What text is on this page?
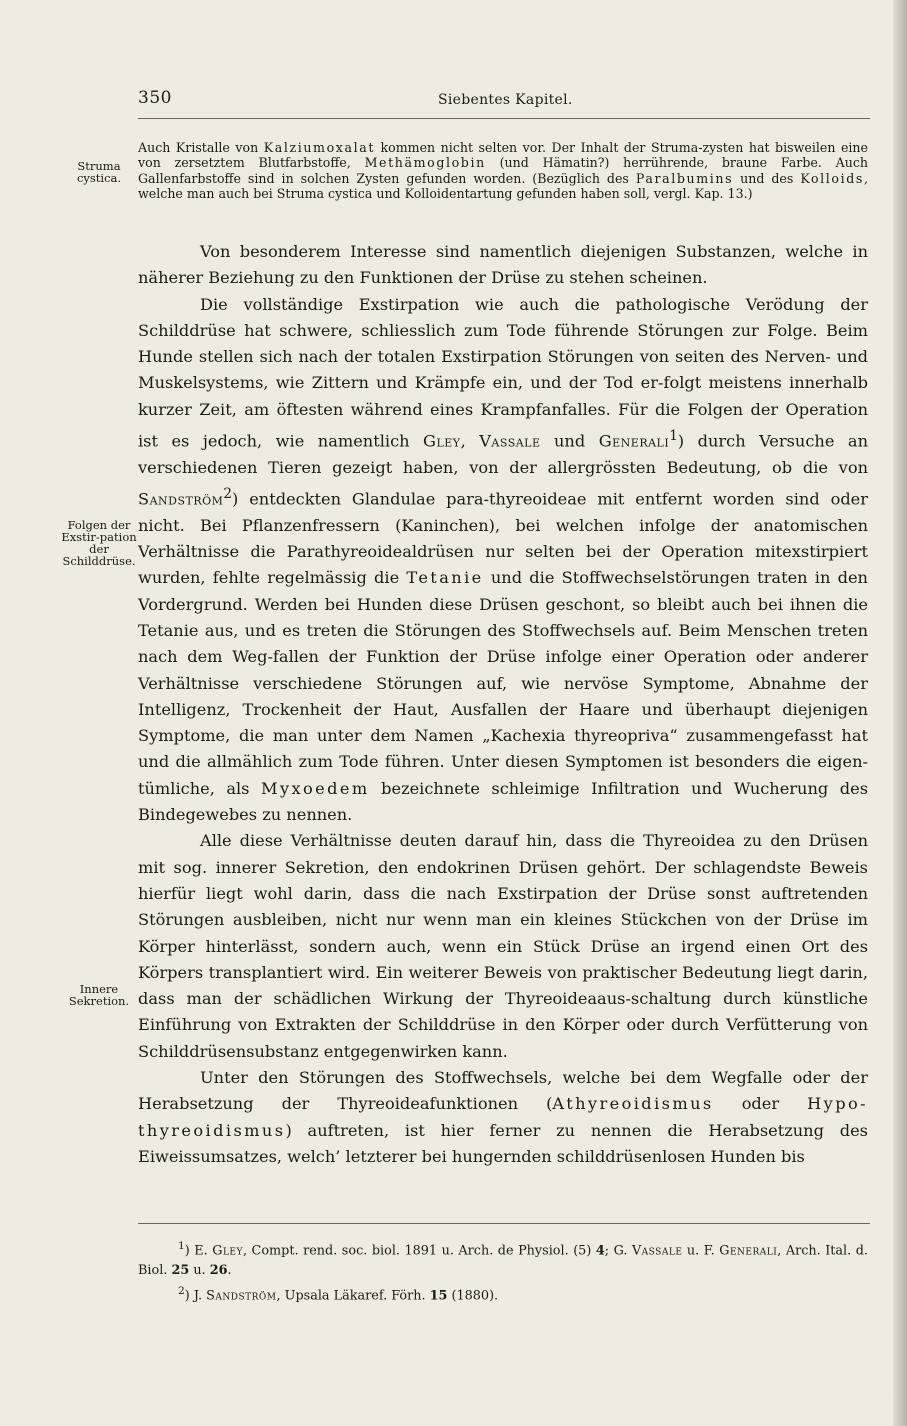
350	Siebentes Kapitel.
Struma cystica.
Folgen der Exstir-pation der Schilddrüse.
Innere Sekretion.

Auch Kristalle von Kalziumoxalat kommen nicht selten vor. Der Inhalt der Struma-zysten hat bisweilen eine von zersetztem Blutfarbstoffe, Methämoglobin (und Hämatin?) herrührende, braune Farbe. Auch Gallenfarbstoffe sind in solchen Zysten gefunden worden. (Bezüglich des Paralbumins und des Kolloids, welche man auch bei Struma cystica und Kolloidentartung gefunden haben soll, vergl. Kap. 13.)

Von besonderem Interesse sind namentlich diejenigen Substanzen, welche in näherer Beziehung zu den Funktionen der Drüse zu stehen scheinen.

Die vollständige Exstirpation wie auch die pathologische Verödung der Schilddrüse hat schwere, schliesslich zum Tode führende Störungen zur Folge. Beim Hunde stellen sich nach der totalen Exstirpation Störungen von seiten des Nerven- und Muskelsystems, wie Zittern und Krämpfe ein, und der Tod er-folgt meistens innerhalb kurzer Zeit, am öftesten während eines Krampfanfalles. Für die Folgen der Operation ist es jedoch, wie namentlich Gley, Vassale und Generali$^1$) durch Versuche an verschiedenen Tieren gezeigt haben, von der allergrössten Bedeutung, ob die von Sandström$^2$) entdeckten Glandulae para-thyreoideae mit entfernt worden sind oder nicht. Bei Pflanzenfressern (Kaninchen), bei welchen infolge der anatomischen Verhältnisse die Parathyreoidealdrüsen nur selten bei der Operation mitexstirpiert wurden, fehlte regelmässig die Tetanie und die Stoffwechselstörungen traten in den Vordergrund. Werden bei Hunden diese Drüsen geschont, so bleibt auch bei ihnen die Tetanie aus, und es treten die Störungen des Stoffwechsels auf. Beim Menschen treten nach dem Weg-fallen der Funktion der Drüse infolge einer Operation oder anderer Verhältnisse verschiedene Störungen auf, wie nervöse Symptome, Abnahme der Intelligenz, Trockenheit der Haut, Ausfallen der Haare und überhaupt diejenigen Symptome, die man unter dem Namen „Kachexia thyreopriva“ zusammengefasst hat und die allmählich zum Tode führen. Unter diesen Symptomen ist besonders die eigen-tümliche, als Myxoedem bezeichnete schleimige Infiltration und Wucherung des Bindegewebes zu nennen.

Alle diese Verhältnisse deuten darauf hin, dass die Thyreoidea zu den Drüsen mit sog. innerer Sekretion, den endokrinen Drüsen gehört. Der schlagendste Beweis hierfür liegt wohl darin, dass die nach Exstirpation der Drüse sonst auftretenden Störungen ausbleiben, nicht nur wenn man ein kleines Stückchen von der Drüse im Körper hinterlässt, sondern auch, wenn ein Stück Drüse an irgend einen Ort des Körpers transplantiert wird. Ein weiterer Beweis von praktischer Bedeutung liegt darin, dass man der schädlichen Wirkung der Thyreoideaaus-schaltung durch künstliche Einführung von Extrakten der Schilddrüse in den Körper oder durch Verfütterung von Schilddrüsensubstanz entgegenwirken kann.

Unter den Störungen des Stoffwechsels, welche bei dem Wegfalle oder der Herabsetzung der Thyreoideafunktionen (Athyreoidismus oder Hypo-thyreoidismus) auftreten, ist hier ferner zu nennen die Herabsetzung des Eiweissumsatzes, welch’ letzterer bei hungernden schilddrüsenlosen Hunden bis

$^1$) E. Gley, Compt. rend. soc. biol. 1891 u. Arch. de Physiol. (5) 4; G. Vassale u. F. Generali, Arch. Ital. d. Biol. 25 u. 26.

$^2$) J. Sandström, Upsala Läkaref. Förh. 15 (1880).
